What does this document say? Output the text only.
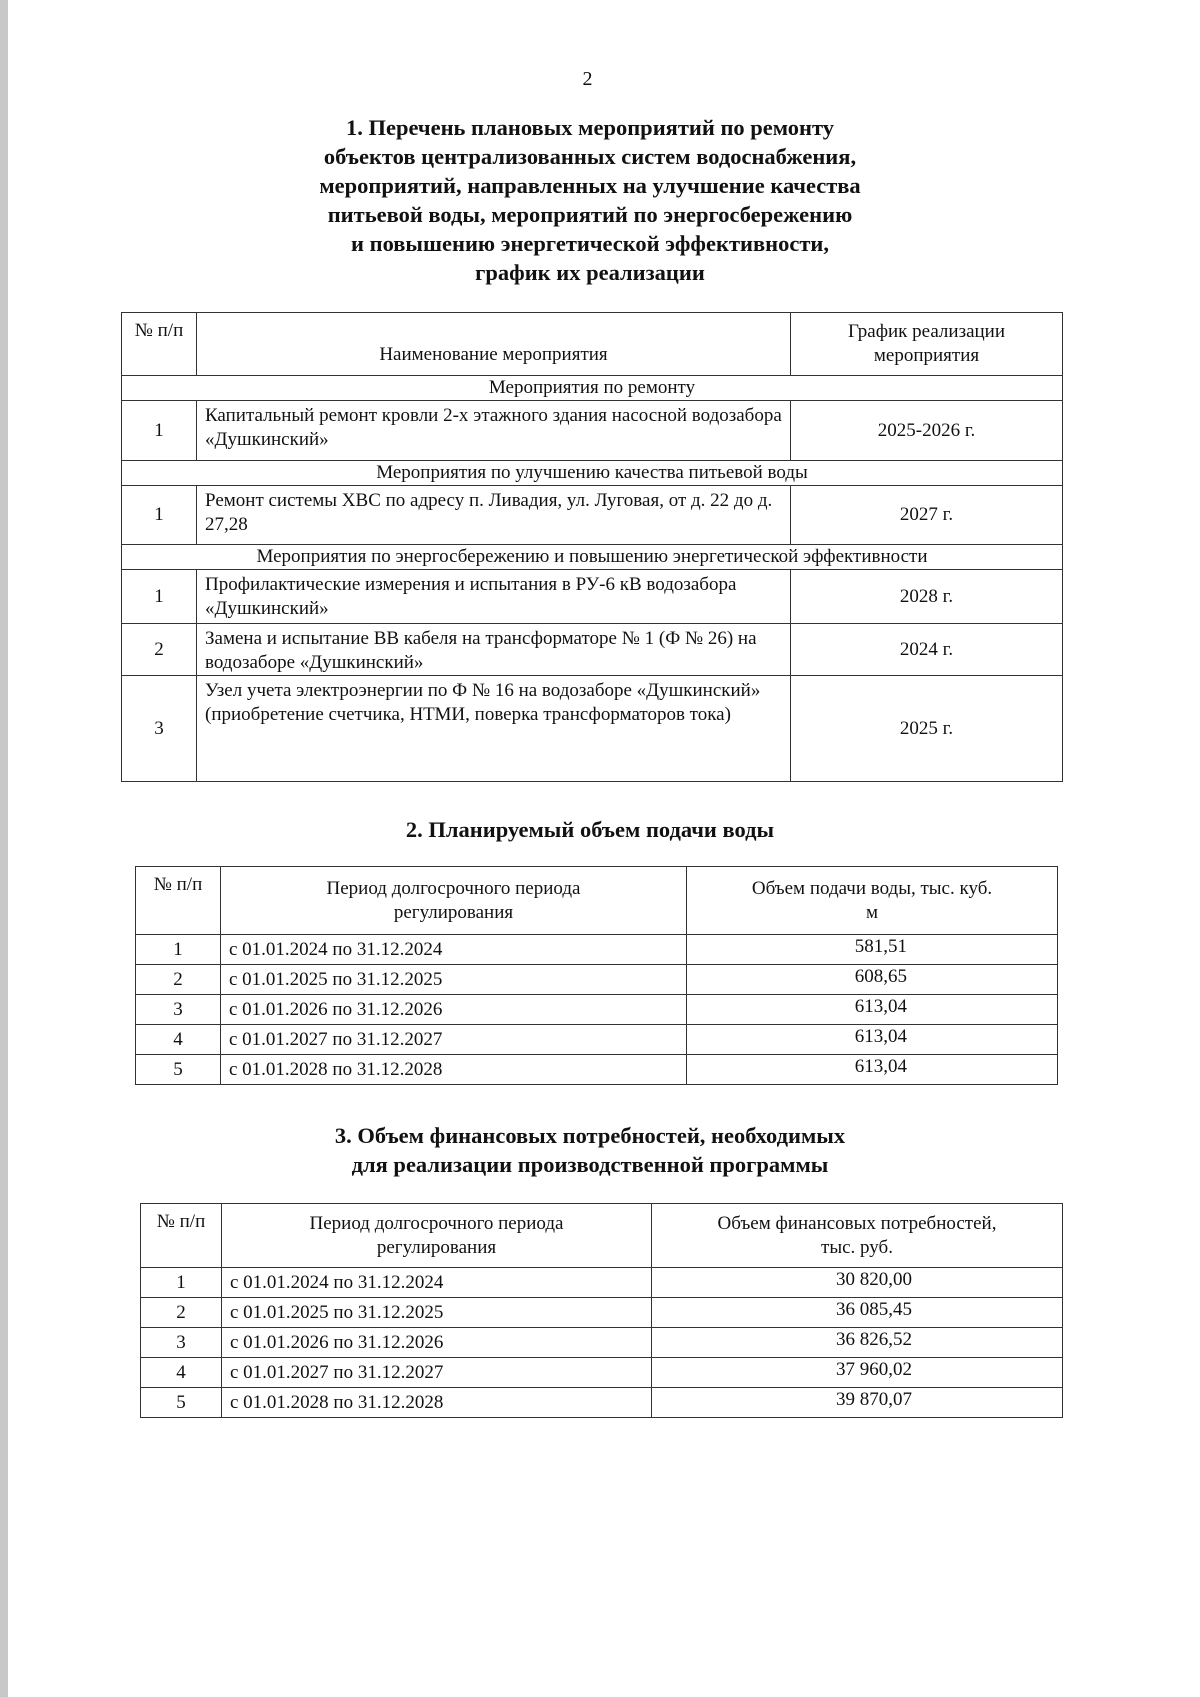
2
1. Перечень плановых мероприятий по ремонту
объектов централизованных систем водоснабжения,
мероприятий, направленных на улучшение качества
питьевой воды, мероприятий по энергосбережению
и повышению энергетической эффективности,
график их реализации
№ п/п	Наименование мероприятия	График реализации мероприятия
Мероприятия по ремонту		
1	Капитальный ремонт кровли 2-х этажного здания насосной водозабора «Душкинский»	2025-2026 г.
Мероприятия по улучшению качества питьевой воды		
1	Ремонт системы ХВС по адресу п. Ливадия, ул. Луговая, от д. 22 до д. 27,28	2027 г.
Мероприятия по энергосбережению и повышению энергетической эффективности		
1	Профилактические измерения и испытания в РУ-6 кВ водозабора «Душкинский»	2028 г.
2	Замена и испытание ВВ кабеля на трансформаторе № 1 (Ф № 26) на водозаборе «Душкинский»	2024 г.
3	Узел учета электроэнергии по Ф № 16 на водозаборе «Душкинский» (приобретение счетчика, НТМИ, поверка трансформаторов тока)	2025 г.
2. Планируемый объем подачи воды
№ п/п	Период долгосрочного периода регулирования	Объем подачи воды, тыс. куб. м
1	с 01.01.2024 по 31.12.2024	581,51
2	с 01.01.2025 по 31.12.2025	608,65
3	с 01.01.2026 по 31.12.2026	613,04
4	с 01.01.2027 по 31.12.2027	613,04
5	с 01.01.2028 по 31.12.2028	613,04
3. Объем финансовых потребностей, необходимых
для реализации производственной программы
№ п/п	Период долгосрочного периода регулирования	Объем финансовых потребностей, тыс. руб.
1	с 01.01.2024 по 31.12.2024	30 820,00
2	с 01.01.2025 по 31.12.2025	36 085,45
3	с 01.01.2026 по 31.12.2026	36 826,52
4	с 01.01.2027 по 31.12.2027	37 960,02
5	с 01.01.2028 по 31.12.2028	39 870,07
